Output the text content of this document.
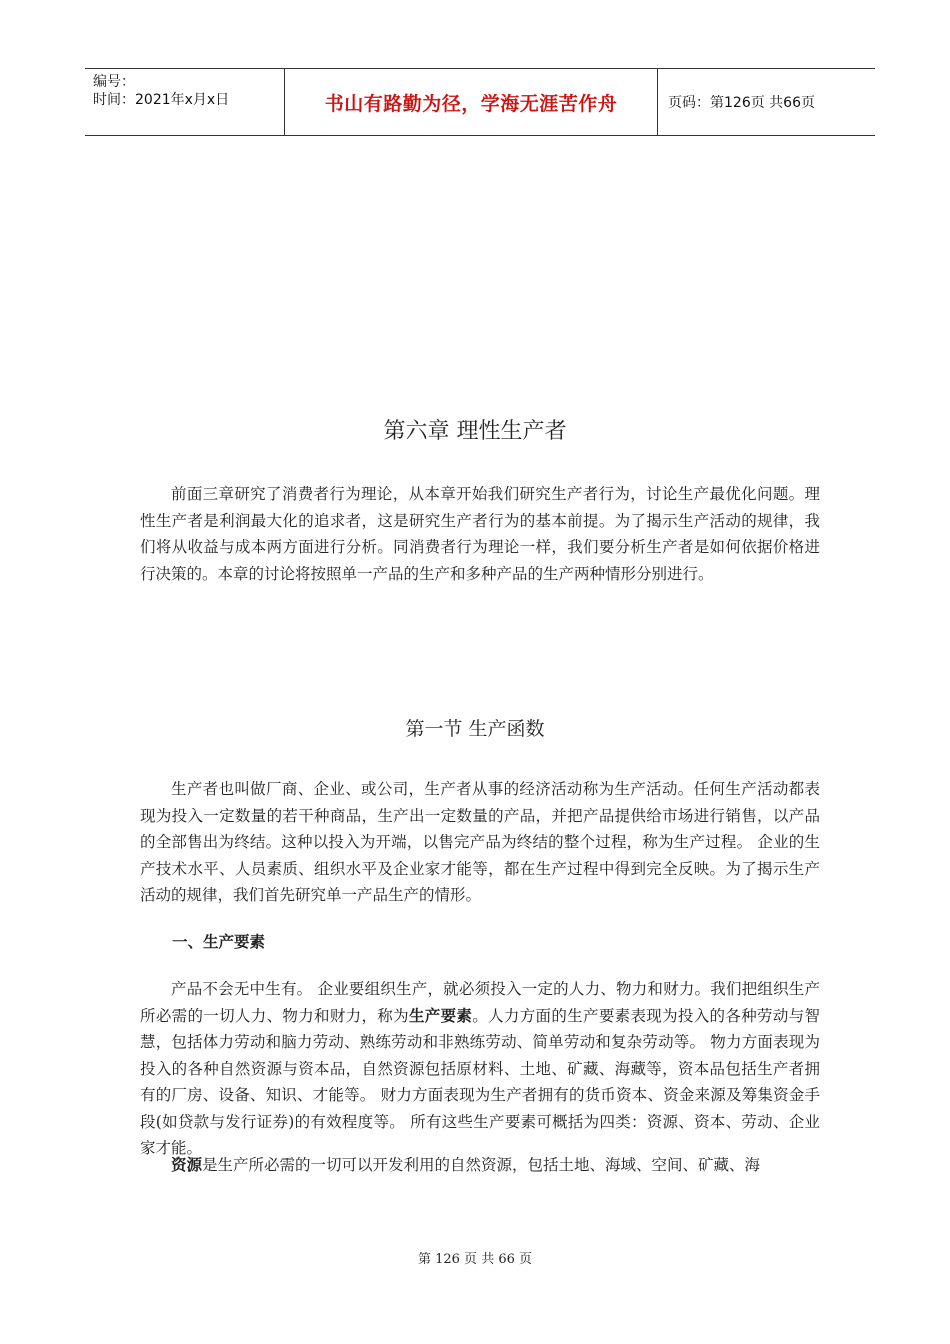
编号：
时间：2021年x月x日	书山有路勤为径，学海无涯苦作舟	页码：第126页 共66页
第六章 理性生产者

前面三章研究了消费者行为理论，从本章开始我们研究生产者行为，讨论生产最优化问题。理性生产者是利润最大化的追求者，这是研究生产者行为的基本前提。为了揭示生产活动的规律，我们将从收益与成本两方面进行分析。同消费者行为理论一样，我们要分析生产者是如何依据价格进行决策的。本章的讨论将按照单一产品的生产和多种产品的生产两种情形分别进行。

第一节 生产函数

生产者也叫做厂商、企业、或公司，生产者从事的经济活动称为生产活动。任何生产活动都表现为投入一定数量的若干种商品，生产出一定数量的产品，并把产品提供给市场进行销售，以产品的全部售出为终结。这种以投入为开端，以售完产品为终结的整个过程，称为生产过程。 企业的生产技术水平、人员素质、组织水平及企业家才能等，都在生产过程中得到完全反映。为了揭示生产活动的规律，我们首先研究单一产品生产的情形。

一、生产要素

产品不会无中生有。 企业要组织生产，就必须投入一定的人力、物力和财力。我们把组织生产所必需的一切人力、物力和财力，称为生产要素。人力方面的生产要素表现为投入的各种劳动与智慧，包括体力劳动和脑力劳动、熟练劳动和非熟练劳动、简单劳动和复杂劳动等。 物力方面表现为投入的各种自然资源与资本品，自然资源包括原材料、土地、矿藏、海藏等，资本品包括生产者拥有的厂房、设备、知识、才能等。 财力方面表现为生产者拥有的货币资本、资金来源及筹集资金手段(如贷款与发行证券)的有效程度等。 所有这些生产要素可概括为四类：资源、资本、劳动、企业家才能。

资源是生产所必需的一切可以开发利用的自然资源，包括土地、海域、空间、矿藏、海

第 126 页 共 66 页
